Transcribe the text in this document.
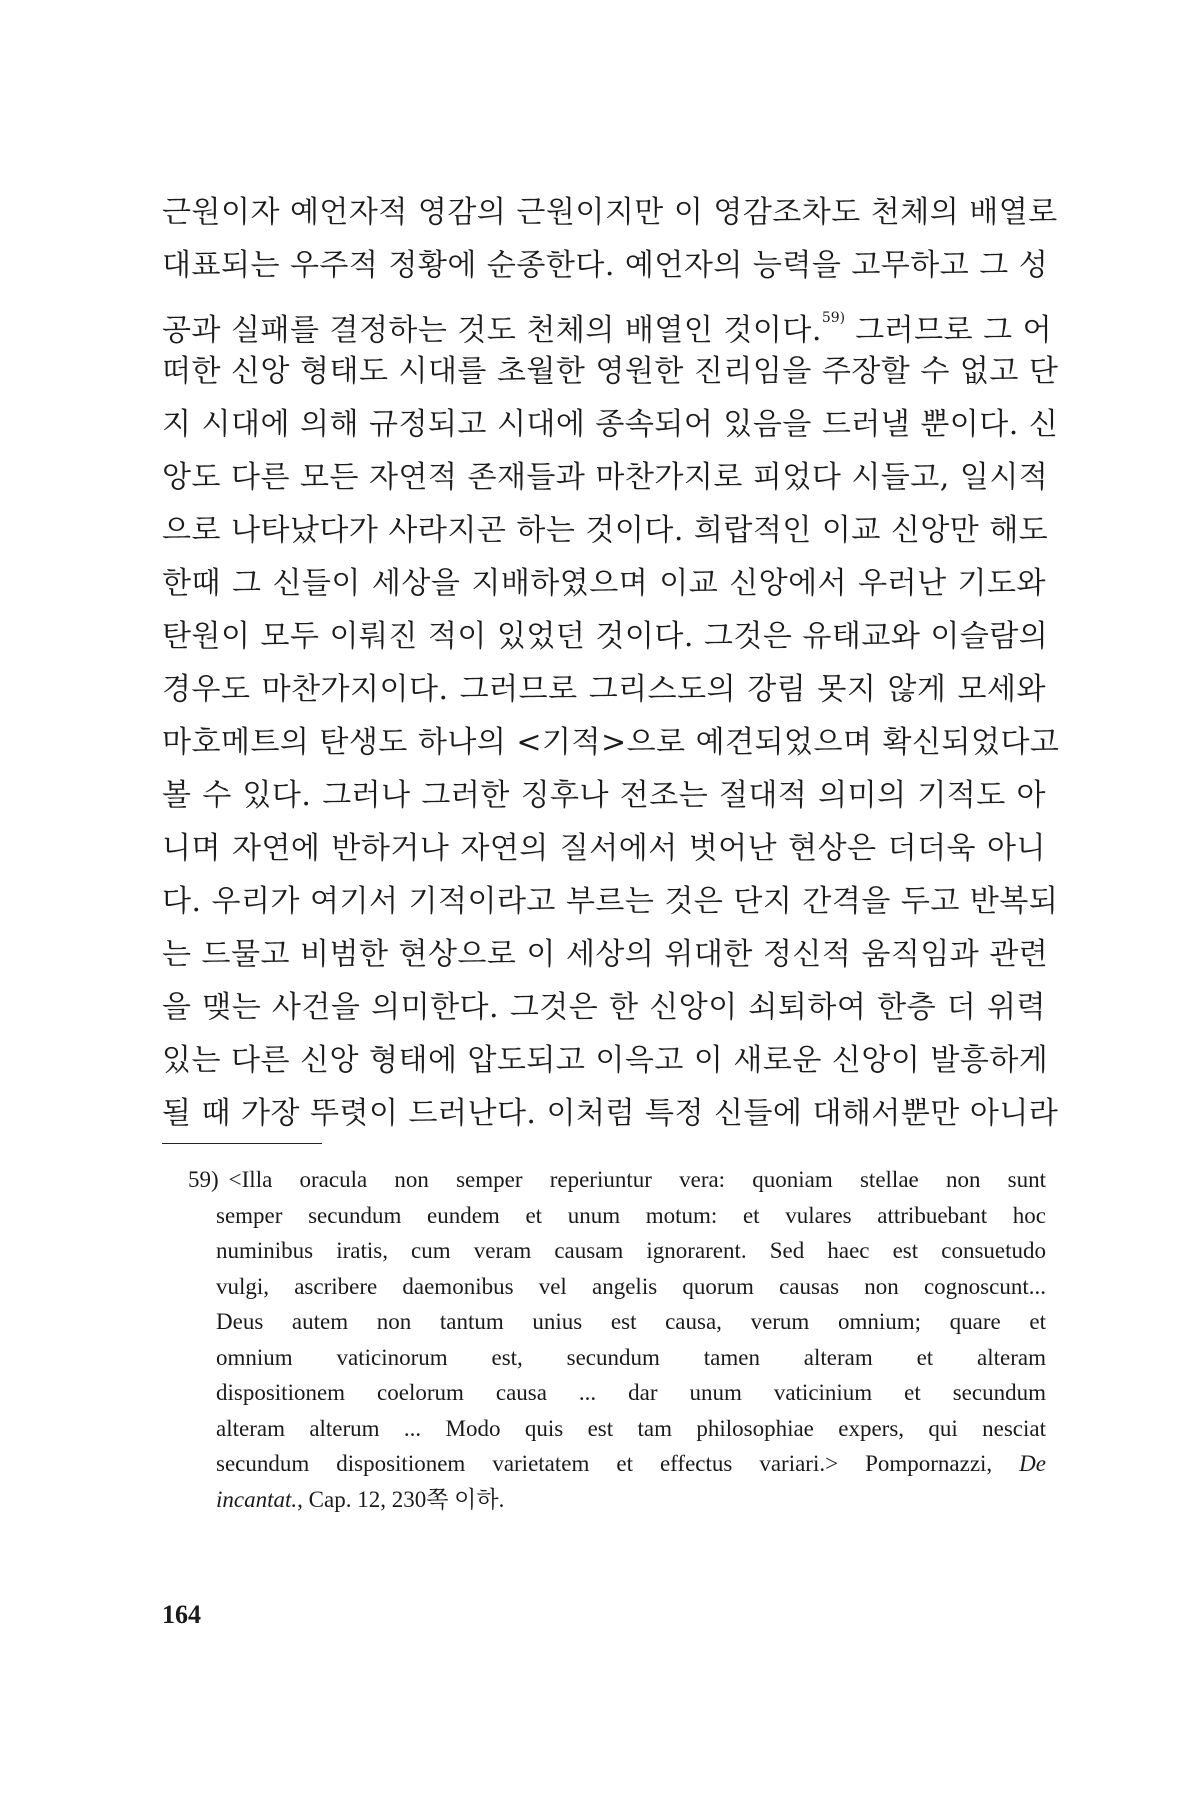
근원이자 예언자적 영감의 근원이지만 이 영감조차도 천체의 배열로
대표되는 우주적 정황에 순종한다. 예언자의 능력을 고무하고 그 성
공과 실패를 결정하는 것도 천체의 배열인 것이다.$^{59)}$ 그러므로 그 어
떠한 신앙 형태도 시대를 초월한 영원한 진리임을 주장할 수 없고 단
지 시대에 의해 규정되고 시대에 종속되어 있음을 드러낼 뿐이다. 신
앙도 다른 모든 자연적 존재들과 마찬가지로 피었다 시들고, 일시적
으로 나타났다가 사라지곤 하는 것이다. 희랍적인 이교 신앙만 해도
한때 그 신들이 세상을 지배하였으며 이교 신앙에서 우러난 기도와
탄원이 모두 이뤄진 적이 있었던 것이다. 그것은 유태교와 이슬람의
경우도 마찬가지이다. 그러므로 그리스도의 강림 못지 않게 모세와
마호메트의 탄생도 하나의 <기적>으로 예견되었으며 확신되었다고
볼 수 있다. 그러나 그러한 징후나 전조는 절대적 의미의 기적도 아
니며 자연에 반하거나 자연의 질서에서 벗어난 현상은 더더욱 아니
다. 우리가 여기서 기적이라고 부르는 것은 단지 간격을 두고 반복되
는 드물고 비범한 현상으로 이 세상의 위대한 정신적 움직임과 관련
을 맺는 사건을 의미한다. 그것은 한 신앙이 쇠퇴하여 한층 더 위력
있는 다른 신앙 형태에 압도되고 이윽고 이 새로운 신앙이 발흥하게
될 때 가장 뚜렷이 드러난다. 이처럼 특정 신들에 대해서뿐만 아니라
59) <Illa oracula non semper reperiuntur vera: quoniam stellae non sunt
semper secundum eundem et unum motum: et vulares attribuebant hoc
numinibus iratis, cum veram causam ignorarent. Sed haec est consuetudo
vulgi, ascribere daemonibus vel angelis quorum causas non cognoscunt...
Deus autem non tantum unius est causa, verum omnium; quare et
omnium vaticinorum est, secundum tamen alteram et alteram
dispositionem coelorum causa ... dar unum vaticinium et secundum
alteram alterum ... Modo quis est tam philosophiae expers, qui nesciat
secundum dispositionem varietatem et effectus variari.> Pompornazzi, De
incantat., Cap. 12, 230쪽 이하.
164
